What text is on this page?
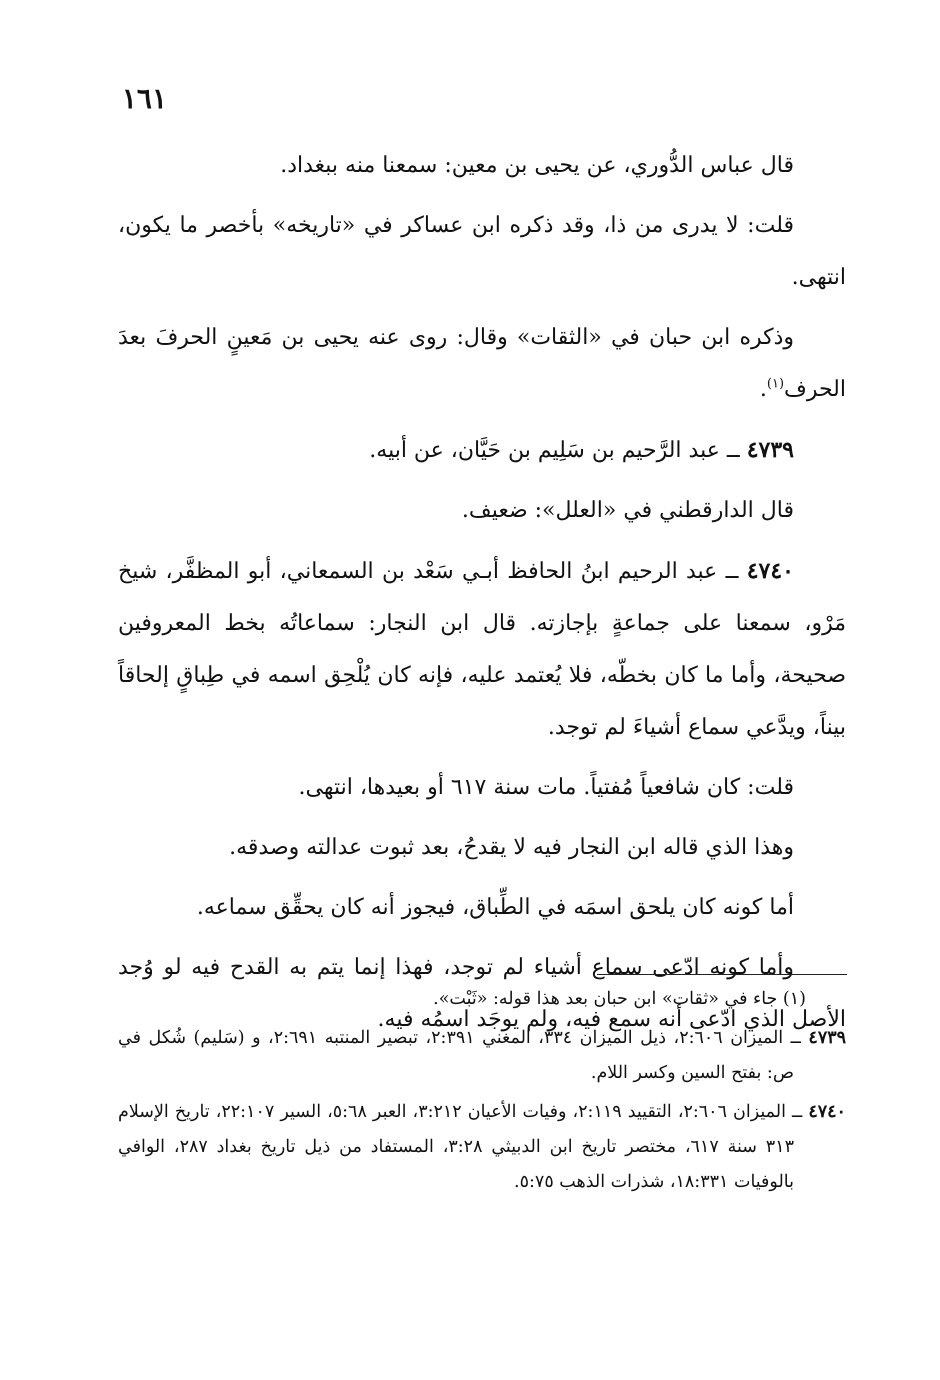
١٦١

قال عباس الدُّوري، عن يحيى بن معين: سمعنا منه ببغداد.

قلت: لا يدرى من ذا، وقد ذكره ابن عساكر في «تاريخه» بأخصر ما يكون، انتهى.

وذكره ابن حبان في «الثقات» وقال: روى عنه يحيى بن مَعينٍ الحرفَ بعدَ الحرف$^{(١)}$.

٤٧٣٩ ــ عبد الرَّحيم بن سَلِيم بن حَيَّان، عن أبيه.

قال الدارقطني في «العلل»: ضعيف.

٤٧٤٠ ــ عبد الرحيم ابنُ الحافظ أبـي سَعْد بن السمعاني، أبو المظفَّر، شيخ مَرْو، سمعنا على جماعةٍ بإجازته. قال ابن النجار: سماعاتُه بخط المعروفين صحيحة، وأما ما كان بخطّه، فلا يُعتمد عليه، فإنه كان يُلْحِق اسمه في طِباقٍ إلحاقاً بيناً، ويدَّعي سماع أشياءَ لم توجد.

قلت: كان شافعياً مُفتياً. مات سنة ٦١٧ أو بعيدها، انتهى.

وهذا الذي قاله ابن النجار فيه لا يقدحُ، بعد ثبوت عدالته وصدقه.

أما كونه كان يلحق اسمَه في الطِّباق، فيجوز أنه كان يحقِّق سماعه.

وأما كونه ادّعى سماع أشياء لم توجد، فهذا إنما يتم به القدح فيه لو وُجد الأصل الذي ادّعى أنه سمع فيه، ولم يوجَد اسمُه فيه.

(١) جاء في «ثقات» ابن حبان بعد هذا قوله: «ثَبْت».

٤٧٣٩ ــ الميزان ٢:٦٠٦، ذيل الميزان ٣٣٤، المغني ٢:٣٩١، تبصير المنتبه ٢:٦٩١، و (سَليم) شُكل في ص: بفتح السين وكسر اللام.

٤٧٤٠ ــ الميزان ٢:٦٠٦، التقييد ٢:١١٩، وفيات الأعيان ٣:٢١٢، العبر ٥:٦٨، السير ٢٢:١٠٧، تاريخ الإسلام ٣١٣ سنة ٦١٧، مختصر تاريخ ابن الدبيثي ٣:٢٨، المستفاد من ذيل تاريخ بغداد ٢٨٧، الوافي بالوفيات ١٨:٣٣١، شذرات الذهب ٥:٧٥.
